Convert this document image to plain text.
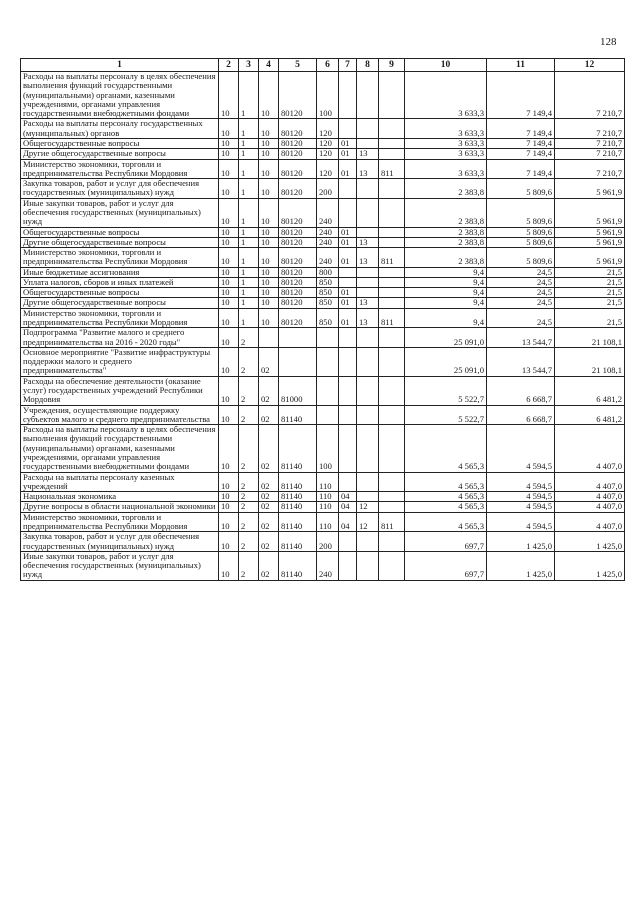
128
1	2	3	4	5	6	7	8	9	10	11	12
Расходы на выплаты персоналу в целях обеспечения выполнения функций государственными (муниципальными) органами, казенными учреждениями, органами управления государственными внебюджетными фондами	10	1	10	80120	100				3 633,3	7 149,4	7 210,7
Расходы на выплаты персоналу государственных (муниципальных) органов	10	1	10	80120	120				3 633,3	7 149,4	7 210,7
Общегосударственные вопросы	10	1	10	80120	120	01			3 633,3	7 149,4	7 210,7
Другие общегосударственные вопросы	10	1	10	80120	120	01	13		3 633,3	7 149,4	7 210,7
Министерство экономики, торговли и предпринимательства Республики Мордовия	10	1	10	80120	120	01	13	811	3 633,3	7 149,4	7 210,7
Закупка товаров, работ и услуг для обеспечения государственных (муниципальных) нужд	10	1	10	80120	200				2 383,8	5 809,6	5 961,9
Иные закупки товаров, работ и услуг для обеспечения государственных (муниципальных) нужд	10	1	10	80120	240				2 383,8	5 809,6	5 961,9
Общегосударственные вопросы	10	1	10	80120	240	01			2 383,8	5 809,6	5 961,9
Другие общегосударственные вопросы	10	1	10	80120	240	01	13		2 383,8	5 809,6	5 961,9
Министерство экономики, торговли и предпринимательства Республики Мордовия	10	1	10	80120	240	01	13	811	2 383,8	5 809,6	5 961,9
Иные бюджетные ассигнования	10	1	10	80120	800				9,4	24,5	21,5
Уплата налогов, сборов и иных платежей	10	1	10	80120	850				9,4	24,5	21,5
Общегосударственные вопросы	10	1	10	80120	850	01			9,4	24,5	21,5
Другие общегосударственные вопросы	10	1	10	80120	850	01	13		9,4	24,5	21,5
Министерство экономики, торговли и предпринимательства Республики Мордовия	10	1	10	80120	850	01	13	811	9,4	24,5	21,5
Подпрограмма "Развитие малого и среднего предпринимательства на 2016 - 2020 годы"	10	2							25 091,0	13 544,7	21 108,1
Основное мероприятие "Развитие инфраструктуры поддержки малого и среднего предпринимательства"	10	2	02						25 091,0	13 544,7	21 108,1
Расходы на обеспечение деятельности (оказание услуг) государственных учреждений Республики Мордовия	10	2	02	81000					5 522,7	6 668,7	6 481,2
Учреждения, осуществляющие поддержку субъектов малого и среднего предпринимательства	10	2	02	81140					5 522,7	6 668,7	6 481,2
Расходы на выплаты персоналу в целях обеспечения выполнения функций государственными (муниципальными) органами, казенными учреждениями, органами управления государственными внебюджетными фондами	10	2	02	81140	100				4 565,3	4 594,5	4 407,0
Расходы на выплаты персоналу казенных учреждений	10	2	02	81140	110				4 565,3	4 594,5	4 407,0
Национальная экономика	10	2	02	81140	110	04			4 565,3	4 594,5	4 407,0
Другие вопросы в области национальной экономики	10	2	02	81140	110	04	12		4 565,3	4 594,5	4 407,0
Министерство экономики, торговли и предпринимательства Республики Мордовия	10	2	02	81140	110	04	12	811	4 565,3	4 594,5	4 407,0
Закупка товаров, работ и услуг для обеспечения государственных (муниципальных) нужд	10	2	02	81140	200				697,7	1 425,0	1 425,0
Иные закупки товаров, работ и услуг для обеспечения государственных (муниципальных) нужд	10	2	02	81140	240				697,7	1 425,0	1 425,0
